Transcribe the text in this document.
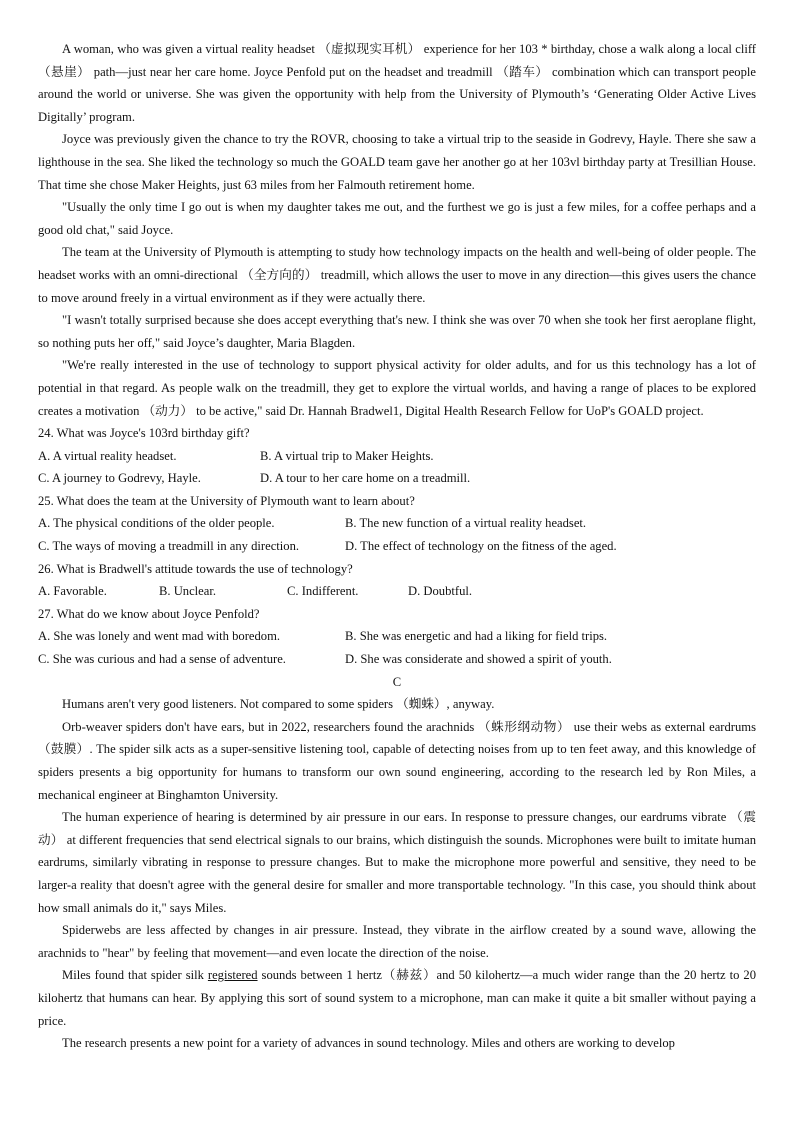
A woman, who was given a virtual reality headset （虚拟现实耳机） experience for her 103 * birthday, chose a walk along a local cliff （悬崖） path—just near her care home. Joyce Penfold put on the headset and treadmill （踏车） combination which can transport people around the world or universe. She was given the opportunity with help from the University of Plymouth’s ‘Generating Older Active Lives Digitally’ program.

Joyce was previously given the chance to try the ROVR, choosing to take a virtual trip to the seaside in Godrevy, Hayle. There she saw a lighthouse in the sea. She liked the technology so much the GOALD team gave her another go at her 103vl birthday party at Tresillian House. That time she chose Maker Heights, just 63 miles from her Falmouth retirement home.

"Usually the only time I go out is when my daughter takes me out, and the furthest we go is just a few miles, for a coffee perhaps and a good old chat," said Joyce.

The team at the University of Plymouth is attempting to study how technology impacts on the health and well-being of older people. The headset works with an omni-directional （全方向的） treadmill, which allows the user to move in any direction—this gives users the chance to move around freely in a virtual environment as if they were actually there.

"I wasn't totally surprised because she does accept everything that's new. I think she was over 70 when she took her first aeroplane flight, so nothing puts her off," said Joyce’s daughter, Maria Blagden.

"We're really interested in the use of technology to support physical activity for older adults, and for us this technology has a lot of potential in that regard. As people walk on the treadmill, they get to explore the virtual worlds, and having a range of places to be explored creates a motivation （动力） to be active," said Dr. Hannah Bradwel1, Digital Health Research Fellow for UoP's GOALD project.

24. What was Joyce's 103rd birthday gift?

A. A virtual reality headset.	B. A virtual trip to Maker Heights.
C. A journey to Godrevy, Hayle.	D. A tour to her care home on a treadmill.

25. What does the team at the University of Plymouth want to learn about?

A. The physical conditions of the older people.	B. The new function of a virtual reality headset.
C. The ways of moving a treadmill in any direction.	D. The effect of technology on the fitness of the aged.

26. What is Bradwell's attitude towards the use of technology?

A. Favorable.	B. Unclear.	C. Indifferent.	D. Doubtful.

27. What do we know about Joyce Penfold?

A. She was lonely and went mad with boredom.	B. She was energetic and had a liking for field trips.
C. She was curious and had a sense of adventure.	D. She was considerate and showed a spirit of youth.

C

Humans aren't very good listeners. Not compared to some spiders （蜘蛛）, anyway.

Orb-weaver spiders don't have ears, but in 2022, researchers found the arachnids （蛛形纲动物） use their webs as external eardrums（鼓膜）. The spider silk acts as a super-sensitive listening tool, capable of detecting noises from up to ten feet away, and this knowledge of spiders presents a big opportunity for humans to transform our own sound engineering, according to the research led by Ron Miles, a mechanical engineer at Binghamton University.

The human experience of hearing is determined by air pressure in our ears. In response to pressure changes, our eardrums vibrate （震动） at different frequencies that send electrical signals to our brains, which distinguish the sounds. Microphones were built to imitate human eardrums, similarly vibrating in response to pressure changes. But to make the microphone more powerful and sensitive, they need to be larger-a reality that doesn't agree with the general desire for smaller and more transportable technology. "In this case, you should think about how small animals do it," says Miles.

Spiderwebs are less affected by changes in air pressure. Instead, they vibrate in the airflow created by a sound wave, allowing the arachnids to "hear" by feeling that movement—and even locate the direction of the noise.

Miles found that spider silk registered sounds between 1 hertz（赫兹）and 50 kilohertz—a much wider range than the 20 hertz to 20 kilohertz that humans can hear. By applying this sort of sound system to a microphone, man can make it quite a bit smaller without paying a price.

The research presents a new point for a variety of advances in sound technology. Miles and others are working to develop
